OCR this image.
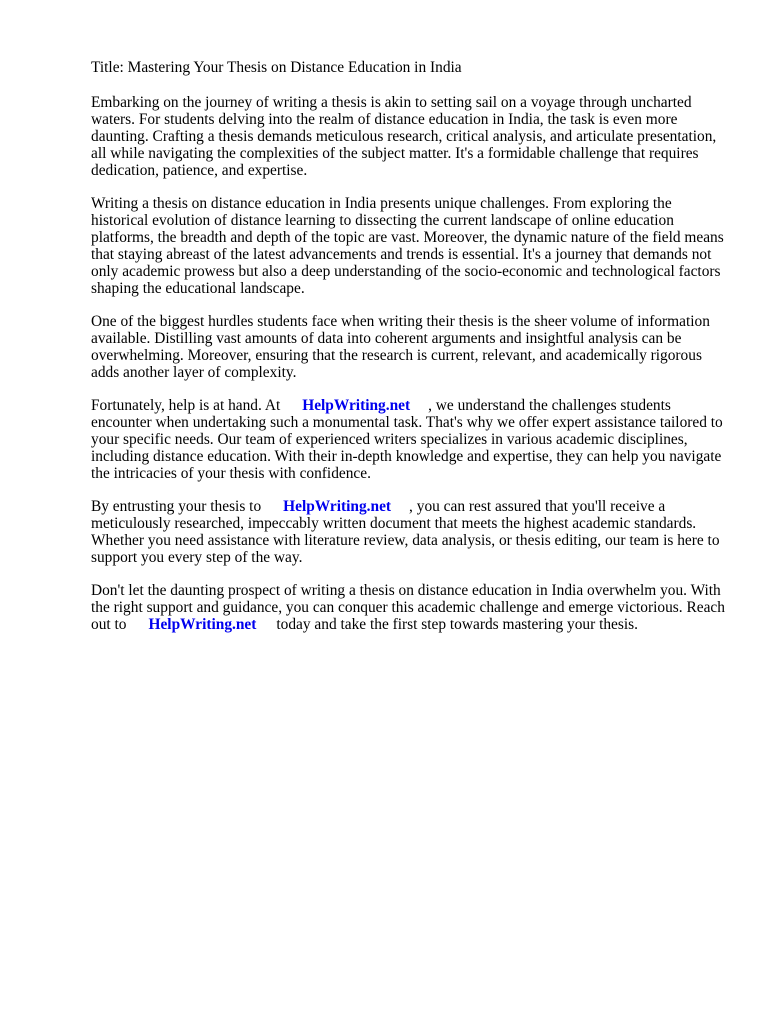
Title: Mastering Your Thesis on Distance Education in India

Embarking on the journey of writing a thesis is akin to setting sail on a voyage through uncharted waters. For students delving into the realm of distance education in India, the task is even more daunting. Crafting a thesis demands meticulous research, critical analysis, and articulate presentation, all while navigating the complexities of the subject matter. It's a formidable challenge that requires dedication, patience, and expertise.

Writing a thesis on distance education in India presents unique challenges. From exploring the historical evolution of distance learning to dissecting the current landscape of online education platforms, the breadth and depth of the topic are vast. Moreover, the dynamic nature of the field means that staying abreast of the latest advancements and trends is essential. It's a journey that demands not only academic prowess but also a deep understanding of the socio-economic and technological factors shaping the educational landscape.

One of the biggest hurdles students face when writing their thesis is the sheer volume of information available. Distilling vast amounts of data into coherent arguments and insightful analysis can be overwhelming. Moreover, ensuring that the research is current, relevant, and academically rigorous adds another layer of complexity.

Fortunately, help is at hand. At HelpWriting.net , we understand the challenges students encounter when undertaking such a monumental task. That's why we offer expert assistance tailored to your specific needs. Our team of experienced writers specializes in various academic disciplines, including distance education. With their in-depth knowledge and expertise, they can help you navigate the intricacies of your thesis with confidence.

By entrusting your thesis to HelpWriting.net , you can rest assured that you'll receive a meticulously researched, impeccably written document that meets the highest academic standards. Whether you need assistance with literature review, data analysis, or thesis editing, our team is here to support you every step of the way.

Don't let the daunting prospect of writing a thesis on distance education in India overwhelm you. With the right support and guidance, you can conquer this academic challenge and emerge victorious. Reach out to HelpWriting.net today and take the first step towards mastering your thesis.
